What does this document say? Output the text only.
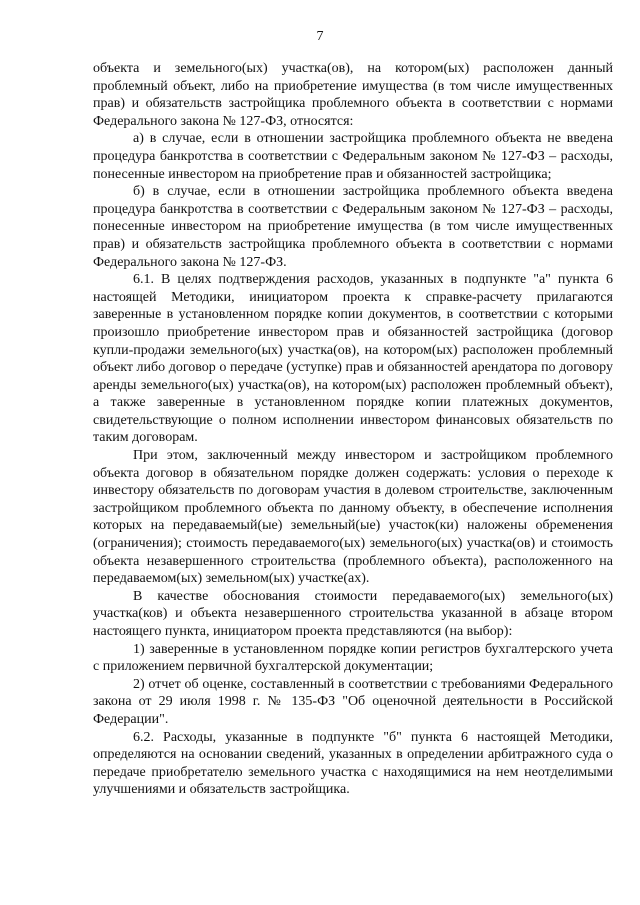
7

объекта и земельного(ых) участка(ов), на котором(ых) расположен данный проблемный объект, либо на приобретение имущества (в том числе имущественных прав) и обязательств застройщика проблемного объекта в соответствии с нормами Федерального закона № 127-ФЗ, относятся:

а) в случае, если в отношении застройщика проблемного объекта не введена процедура банкротства в соответствии с Федеральным законом № 127-ФЗ – расходы, понесенные инвестором на приобретение прав и обязанностей застройщика;

б) в случае, если в отношении застройщика проблемного объекта введена процедура банкротства в соответствии с Федеральным законом № 127-ФЗ – расходы, понесенные инвестором на приобретение имущества (в том числе имущественных прав) и обязательств застройщика проблемного объекта в соответствии с нормами Федерального закона № 127-ФЗ.

6.1. В целях подтверждения расходов, указанных в подпункте "а" пункта 6 настоящей Методики, инициатором проекта к справке-расчету прилагаются заверенные в установленном порядке копии документов, в соответствии с которыми произошло приобретение инвестором прав и обязанностей застройщика (договор купли-продажи земельного(ых) участка(ов), на котором(ых) расположен проблемный объект либо договор о передаче (уступке) прав и обязанностей арендатора по договору аренды земельного(ых) участка(ов), на котором(ых) расположен проблемный объект), а также заверенные в установленном порядке копии платежных документов, свидетельствующие о полном исполнении инвестором финансовых обязательств по таким договорам.

При этом, заключенный между инвестором и застройщиком проблемного объекта договор в обязательном порядке должен содержать: условия о переходе к инвестору обязательств по договорам участия в долевом строительстве, заключенным застройщиком проблемного объекта по данному объекту, в обеспечение исполнения которых на передаваемый(ые) земельный(ые) участок(ки) наложены обременения (ограничения); стоимость передаваемого(ых) земельного(ых) участка(ов) и стоимость объекта незавершенного строительства (проблемного объекта), расположенного на передаваемом(ых) земельном(ых) участке(ах).

В качестве обоснования стоимости передаваемого(ых) земельного(ых) участка(ков) и объекта незавершенного строительства указанной в абзаце втором настоящего пункта, инициатором проекта представляются (на выбор):

1) заверенные в установленном порядке копии регистров бухгалтерского учета с приложением первичной бухгалтерской документации;

2) отчет об оценке, составленный в соответствии с требованиями Федерального закона от 29 июля 1998 г. № 135-ФЗ "Об оценочной деятельности в Российской Федерации".

6.2. Расходы, указанные в подпункте "б" пункта 6 настоящей Методики, определяются на основании сведений, указанных в определении арбитражного суда о передаче приобретателю земельного участка с находящимися на нем неотделимыми улучшениями и обязательств застройщика.
